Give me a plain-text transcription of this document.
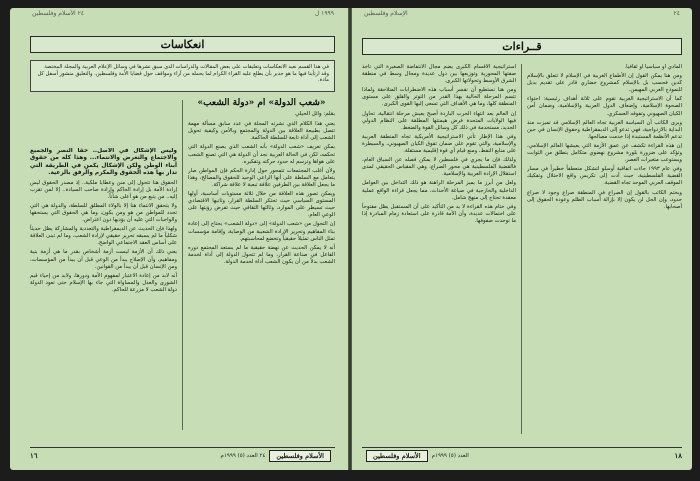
٢٤ الأسلام وفلسطين	١٩٩٩ ل
انعكاسات
في هذا القسم نعيد الانعكاسات وتعليقات على بعض المقالات والدراسات الذي سبق نشرها في وسائل الإعلام العربية والمجلة المختصة وقد ارتأينا فيها ما هو جدير بأن يطلع عليه القراء الكرام لما يحمله من آراء ومواقف حول قضايا الأمة وفلسطين. والتعليق منشور أسفل كل مادة.
«شعب الدولة» أم «دولة الشعب»
بقلم: وائل الحيلي

يعني هذا الكلام الذي نشرته المجلة في عدد سابق مسألة مهمة تتصل بطبيعة العلاقة بين الدولة والمجتمع وبالأمن وكيفية تحويل الشعب إلى أداة تابعة للسلطة الحاكمة.

يمكن تعريف «شعب الدولة» بأنه الشعب الذي يصنع الدولة التي تحكمه، لكن في الحالة العربية نجد أن الدولة هي التي تصنع الشعب على هواها وترسم له حدود حركته وتفكيره.

ولأن أغلب المجتمعات تتمحور حول إدارة الحكم فإن المواطن صار يتعامل مع السلطة على أنها الراعي الوحيد للحقوق والمصالح، وهذا ما يجعل العلاقة بين الطرفين علاقة تبعية لا علاقة شراكة.

ويمكن تصور هذه العلاقة من خلال ثلاثة مستويات أساسية، أولها المستوى السياسي حيث تحتكر السلطة القرار، وثانيها الاقتصادي حيث تسيطر على الموارد، وثالثها الثقافي حيث تفرض رؤيتها على الوعي العام.

إن التحول من «شعب الدولة» إلى «دولة الشعب» يحتاج إلى إعادة بناء المفاهيم وتحرير الإرادة الشعبية من الوصاية، وإقامة مؤسسات تمثل الناس تمثيلاً حقيقياً وتخضع لمحاسبتهم.

أنه لا يمكن الحديث عن نهضة حقيقية ما لم يستعد المجتمع دوره الفاعل في صناعة القرار، وما لم تتحول الدولة إلى أداة لخدمة الشعب بدلاً من أن يكون الشعب أداة لخدمة الدولة.

وليس الإشكال في الأصل.. حقاً النصر والجميع والاجتماع والتعرض والانتماء... وهذا كله من حقوق أبناء الوطن ولكن الإشكال يكمن في الطريقة التي تدار بها هذه الحقوق والمكرم والرفق بالرعية.

الحقوق هنا تتحول إلى منن وعطايا ملكية.. إذ مصدر الحقوق ليس إرادة الأمة بل إرادة الحاكم وإرادة صاحب السيادة.. إلا لمن تقرب إليه.. من يتبع من هو أعلى شأناً.

ولا يتحقق الانتماء هنا إلا بالولاء المطلق للسلطة، والدولة هي التي تحدد للمواطن من هو ومن يكون، وما هي الحقوق التي يستحقها والواجبات التي عليه أن يؤديها دون اعتراض.

ولهذا فإن الحديث عن الديمقراطية والتعددية والمشاركة يظل حديثاً شكلياً ما لم يسبقه تحرير حقيقي لإرادة الشعب، وما لم تبنى العلاقة على أساس العقد الاجتماعي الواضح.

يعني ذلك أن الأزمة ليست أزمة أشخاص بقدر ما هي أزمة بنية ومفاهيم، وأن الإصلاح يبدأ من الوعي قبل أن يبدأ من المؤسسات، ومن الإنسان قبل أن يبدأ من القوانين.

أنه لابد من إعادة الاعتبار لمفهوم الأمة ودورها، ولابد من إحياء قيم الشورى والعدل والمساواة التي جاء بها الإسلام حتى تعود الدولة دولة الشعب لا مزرعة للحاكم.

١٦	٢٤ العدد (٥) ١٩٩٩م	الأسلام وفلسطين
الإسلام وفلسطين	٢٤
قــراءات

المادي أو سياسياً أو ثقافياً.

ومن هنا يمكن القول إن الأطماع الغربية في الإسلام لا تتعلق بالإسلام كدين فحسب بل بالإسلام كمشروع حضاري قادر على تقديم بديل للنموذج الغربي المهيمن.

كما أن الاستراتيجية الغربية تقوم على ثلاثة أهداف رئيسية: احتواء الصحوة الإسلامية، وإضعاف الدول العربية والإسلامية، وضمان أمن الكيان الصهيوني وتفوقه العسكري.

ويرى الكاتب أن السياسة الغربية تجاه العالم الإسلامي قد تميزت منذ البداية بالازدواجية، فهي تدعو إلى الديمقراطية وحقوق الإنسان في حين تدعم الأنظمة المستبدة إذا خدمت مصالحها.

إن هذه القراءة تكشف عن عمق الأزمة التي يعيشها العالم الإسلامي، وتؤكد على ضرورة بلورة مشروع نهضوي متكامل ينطلق من الثوابت ويستوعب متغيرات العصر.

وفي عام ١٩٩٣ جاءت اتفاقية أوسلو لتشكل منعطفاً خطيراً في مسار القضية الفلسطينية، حيث أدت إلى تكريس واقع الاحتلال وتفكيك الموقف العربي الموحد تجاه القضية.

ويختم الكاتب بالقول إن الصراع في المنطقة صراع وجود لا صراع حدود، وإن الحل لن يكون إلا بإزالة أسباب الظلم وعودة الحقوق إلى أصحابها.

استراتيجية الأقسام الكبرى يضم مجال الانتفاضة الصغيرة التي تأخذ صفتها المحورية وتوزيعها بين دول عديدة ومجال وسط في منطقة الشرق الأوسط وتحولاتها الكبرى.

ومن هنا نستطيع أن نفسر أسباب هذه الاضطرابات المتلاحقة ولماذا تتسم المرحلة الحالية بهذا القدر من التوتر والقلق على مستوى المنطقة كلها، وما هي الأهداف التي تسعى إليها القوى الكبرى.

إن العالم بعد انتهاء الحرب الباردة أصبح يعيش مرحلة انتقالية، تحاول فيها الولايات المتحدة فرض هيمنتها المطلقة على النظام الدولي الجديد، مستخدمة في ذلك كل وسائل القوة والضغط.

وفي هذا الإطار تأتي الاستراتيجية الأمريكية تجاه المنطقة العربية والإسلامية، والتي تقوم على ضمان تفوق الكيان الصهيوني، والسيطرة على منابع النفط، ومنع قيام أي قوة إقليمية مستقلة.

ولذلك فإن ما يجري في فلسطين لا يمكن فصله عن السياق العام، فالقضية الفلسطينية هي محور الصراع، وهي المقياس الحقيقي لمدى استقلال الإرادة العربية والإسلامية.

ولعل من أبرز ما يميز المرحلة الراهنة هو ذلك التداخل بين العوامل الداخلية والخارجية في صياغة الأحداث، مما يجعل قراءة الواقع عملية معقدة تحتاج إلى منهج شامل.

وفي ختام هذه القراءة لا بد من التأكيد على أن المستقبل يظل مفتوحاً على احتمالات عديدة، وأن الأمة قادرة على استعادة زمام المبادرة إذا ما توحدت صفوفها.

الأسلام وفلسطين	العدد (٥) ١٩٩٩م	١٨
